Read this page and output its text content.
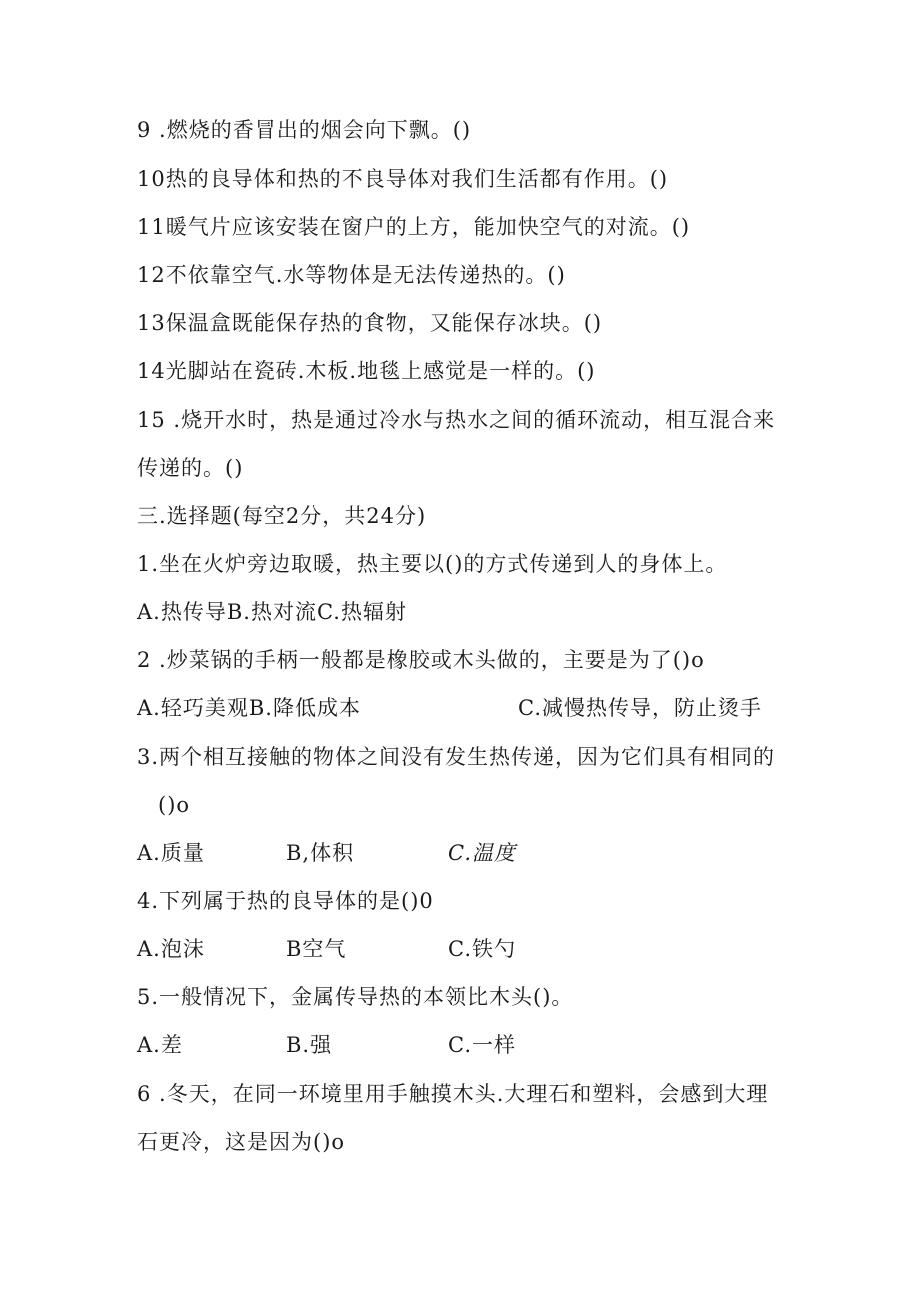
9 .燃烧的香冒出的烟会向下飘。()
10热的良导体和热的不良导体对我们生活都有作用。()
11暖气片应该安装在窗户的上方，能加快空气的对流。()
12不依靠空气.水等物体是无法传递热的。()
13保温盒既能保存热的食物，又能保存冰块。()
14光脚站在瓷砖.木板.地毯上感觉是一样的。()
15 .烧开水时，热是通过冷水与热水之间的循环流动，相互混合来
传递的。()
三.选择题(每空2分，共24分)
1.坐在火炉旁边取暖，热主要以()的方式传递到人的身体上。
A.热传导B.热对流C.热辐射
2 .炒菜锅的手柄一般都是橡胶或木头做的，主要是为了()o
A.轻巧美观B.降低成本	C.减慢热传导，防止烫手
3.两个相互接触的物体之间没有发生热传递，因为它们具有相同的
()o
A.质量	B,体积	C.温度
4.下列属于热的良导体的是()0
A.泡沫	B空气	C.铁勺
5.一般情况下，金属传导热的本领比木头()。
A.差	B.强	C.一样
6 .冬天，在同一环境里用手触摸木头.大理石和塑料，会感到大理
石更冷，这是因为()o
